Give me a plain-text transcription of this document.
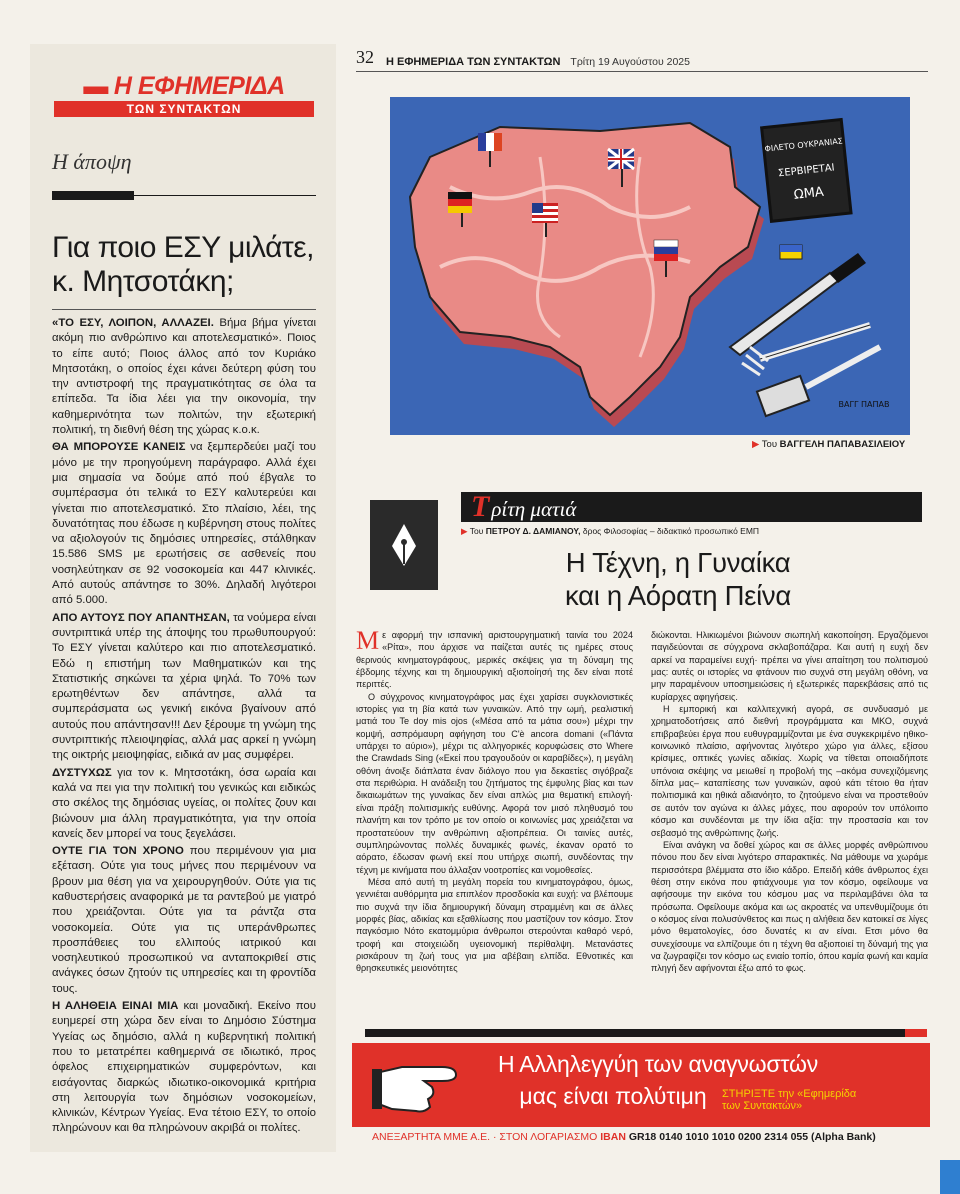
▬ Η ΕΦΗΜΕΡΙΔΑ
ΤΩΝ ΣΥΝΤΑΚΤΩΝ
Η άποψη
Για ποιο ΕΣΥ μιλάτε,
κ. Μητσοτάκη;

«ΤΟ ΕΣΥ, ΛΟΙΠΟΝ, ΑΛΛΑΖΕΙ. Βήμα βήμα γίνεται ακόμη πιο ανθρώπινο και αποτελεσματικό». Ποιος το είπε αυτό; Ποιος άλλος από τον Κυριάκο Μητσοτάκη, ο οποίος έχει κάνει δεύτερη φύση του την αντιστροφή της πραγματικότητας σε όλα τα επίπεδα. Τα ίδια λέει για την οικονομία, την καθημερινότητα των πολιτών, την εξωτερική πολιτική, τη διεθνή θέση της χώρας κ.ο.κ.

ΘΑ ΜΠΟΡΟΥΣΕ ΚΑΝΕΙΣ να ξεμπερδεύει μαζί του μόνο με την προηγούμενη παράγραφο. Αλλά έχει μια σημασία να δούμε από πού έβγαλε το συμπέρασμα ότι τελικά το ΕΣΥ καλυτερεύει και γίνεται πιο αποτελεσματικό. Στο πλαίσιο, λέει, της δυνατότητας που έδωσε η κυβέρνηση στους πολίτες να αξιολογούν τις δημόσιες υπηρεσίες, στάλθηκαν 15.586 SMS με ερωτήσεις σε ασθενείς που νοσηλεύτηκαν σε 92 νοσοκομεία και 447 κλινικές. Από αυτούς απάντησε το 30%. Δηλαδή λιγότεροι από 5.000.

ΑΠΟ ΑΥΤΟΥΣ ΠΟΥ ΑΠΑΝΤΗΣΑΝ, τα νούμερα είναι συντριπτικά υπέρ της άποψης του πρωθυπουργού: Το ΕΣΥ γίνεται καλύτερο και πιο αποτελεσματικό. Εδώ η επιστήμη των Μαθηματικών και της Στατιστικής σηκώνει τα χέρια ψηλά. Το 70% των ερωτηθέντων δεν απάντησε, αλλά τα συμπεράσματα ως γενική εικόνα βγαίνουν από αυτούς που απάντησαν!!! Δεν ξέρουμε τη γνώμη της συντριπτικής πλειοψηφίας, αλλά μας αρκεί η γνώμη της οικτρής μειοψηφίας, ειδικά αν μας συμφέρει.

ΔΥΣΤΥΧΩΣ για τον κ. Μητσοτάκη, όσα ωραία και καλά να πει για την πολιτική του γενικώς και ειδικώς στο σκέλος της δημόσιας υγείας, οι πολίτες ζουν και βιώνουν μια άλλη πραγματικότητα, για την οποία κανείς δεν μπορεί να τους ξεγελάσει.

ΟΥΤΕ ΓΙΑ ΤΟΝ ΧΡΟΝΟ που περιμένουν για μια εξέταση. Ούτε για τους μήνες που περιμένουν να βρουν μια θέση για να χειρουργηθούν. Ούτε για τις καθυστερήσεις αναφορικά με τα ραντεβού με γιατρό που χρειάζονται. Ούτε για τα ράντζα στα νοσοκομεία. Ούτε για τις υπεράνθρωπες προσπάθειες του ελλιπούς ιατρικού και νοσηλευτικού προσωπικού να ανταποκριθεί στις ανάγκες όσων ζητούν τις υπηρεσίες και τη φροντίδα τους.

Η ΑΛΗΘΕΙΑ ΕΙΝΑΙ ΜΙΑ και μοναδική. Εκείνο που ευημερεί στη χώρα δεν είναι το Δημόσιο Σύστημα Υγείας ως δημόσιο, αλλά η κυβερνητική πολιτική που το μετατρέπει καθημερινά σε ιδιωτικό, προς όφελος επιχειρηματικών συμφερόντων, και εισάγοντας διαρκώς ιδιωτικο-οικονομικά κριτήρια στη λειτουργία των δημόσιων νοσοκομείων, κλινικών, Κέντρων Υγείας. Ενα τέτοιο ΕΣΥ, το οποίο πληρώνουν και θα πληρώνουν ακριβά οι πολίτες.

32 Η ΕΦΗΜΕΡΙΔΑ ΤΩΝ ΣΥΝΤΑΚΤΩΝ Τρίτη 19 Αυγούστου 2025
ΦΙΛΕΤΟ ΟΥΚΡΑΝΙΑΣ
ΣΕΡΒΙΡΕΤΑΙ
ΩΜΑ
ΒΑΓΓ ΠΑΠΑΒ
▶ Του ΒΑΓΓΕΛΗ ΠΑΠΑΒΑΣΙΛΕΙΟΥ
Τρίτη ματιά
▶ Του ΠΕΤΡΟΥ Δ. ΔΑΜΙΑΝΟΥ, δρος Φιλοσοφίας – διδακτικό προσωπικό ΕΜΠ
Η Τέχνη, η Γυναίκα
και η Αόρατη Πείνα

Με αφορμή την ισπανική αριστουργηματική ταινία του 2024 «Ρίτα», που άρχισε να παίζεται αυτές τις ημέρες στους θερινούς κινηματογράφους, μερικές σκέψεις για τη δύναμη της έβδομης τέχνης και τη δημιουργική αξιοποίησή της δεν είναι ποτέ περιττές.

Ο σύγχρονος κινηματογράφος μας έχει χαρίσει συγκλονιστικές ιστορίες για τη βία κατά των γυναικών. Από την ωμή, ρεαλιστική ματιά του Te doy mis ojos («Μέσα από τα μάτια σου») μέχρι την κομψή, ασπρόμαυρη αφήγηση του C'è ancora domani («Πάντα υπάρχει το αύριο»), μέχρι τις αλληγορικές κορυφώσεις στο Where the Crawdads Sing («Εκεί που τραγουδούν οι καραβίδες»), η μεγάλη οθόνη άνοιξε διάπλατα έναν διάλογο που για δεκαετίες σιγόβραζε στα περιθώρια. Η ανάδειξη του ζητήματος της έμφυλης βίας και των δικαιωμάτων της γυναίκας δεν είναι απλώς μια θεματική επιλογή· είναι πράξη πολιτισμικής ευθύνης. Αφορά τον μισό πληθυσμό του πλανήτη και τον τρόπο με τον οποίο οι κοινωνίες μας χρειάζεται να προστατεύουν την ανθρώπινη αξιοπρέπεια. Οι ταινίες αυτές, συμπληρώνοντας πολλές δυναμικές φωνές, έκαναν ορατό το αόρατο, έδωσαν φωνή εκεί που υπήρχε σιωπή, συνδέοντας την τέχνη με κινήματα που άλλαξαν νοοτροπίες και νομοθεσίες.

Μέσα από αυτή τη μεγάλη πορεία του κινηματογράφου, όμως, γεννιέται αυθόρμητα μια επιπλέον προσδοκία και ευχή: να βλέπουμε πιο συχνά την ίδια δημιουργική δύναμη στραμμένη και σε άλλες μορφές βίας, αδικίας και εξαθλίωσης που μαστίζουν τον κόσμο. Στον παγκόσμιο Νότο εκατομμύρια άνθρωποι στερούνται καθαρό νερό, τροφή και στοιχειώδη υγειονομική περίθαλψη. Μετανάστες ρισκάρουν τη ζωή τους για μια αβέβαιη ελπίδα. Εθνοτικές και θρησκευτικές μειονότητες

διώκονται. Ηλικιωμένοι βιώνουν σιωπηλή κακοποίηση. Εργαζόμενοι παγιδεύονται σε σύγχρονα σκλαβοπάζαρα. Και αυτή η ευχή δεν αρκεί να παραμείνει ευχή· πρέπει να γίνει απαίτηση του πολιτισμού μας: αυτές οι ιστορίες να φτάνουν πιο συχνά στη μεγάλη οθόνη, να μην παραμένουν υποσημειώσεις ή εξωτερικές παρεκβάσεις από τις κυρίαρχες αφηγήσεις.

Η εμπορική και καλλιτεχνική αγορά, σε συνδυασμό με χρηματοδοτήσεις από διεθνή προγράμματα και ΜΚΟ, συχνά επιβραβεύει έργα που ευθυγραμμίζονται με ένα συγκεκριμένο ηθικο-κοινωνικό πλαίσιο, αφήνοντας λιγότερο χώρο για άλλες, εξίσου κρίσιμες, οπτικές γωνίες αδικίας. Χωρίς να τίθεται οποιαδήποτε υπόνοια σκέψης να μειωθεί η προβολή της –ακόμα συνεχιζόμενης δίπλα μας– καταπίεσης των γυναικών, αφού κάτι τέτοιο θα ήταν πολιτισμικά και ηθικά αδιανόητο, το ζητούμενο είναι να προστεθούν σε αυτόν τον αγώνα κι άλλες μάχες, που αφορούν τον υπόλοιπο κόσμο και συνδέονται με την ίδια αξία: την προστασία και τον σεβασμό της ανθρώπινης ζωής.

Είναι ανάγκη να δοθεί χώρος και σε άλλες μορφές ανθρώπινου πόνου που δεν είναι λιγότερο σπαρακτικές. Να μάθουμε να χωράμε περισσότερα βλέμματα στο ίδιο κάδρο. Επειδή κάθε άνθρωπος έχει θέση στην εικόνα που φτιάχνουμε για τον κόσμο, οφείλουμε να αφήσουμε την εικόνα του κόσμου μας να περιλαμβάνει όλα τα πρόσωπα. Οφείλουμε ακόμα και ως ακροατές να υπενθυμίζουμε ότι ο κόσμος είναι πολυσύνθετος και πως η αλήθεια δεν κατοικεί σε λίγες μόνο θεματολογίες, όσο δυνατές κι αν είναι. Ετσι μόνο θα συνεχίσουμε να ελπίζουμε ότι η τέχνη θα αξιοποιεί τη δύναμή της για να ζωγραφίζει τον κόσμο ως ενιαίο τοπίο, όπου καμία φωνή και καμία πληγή δεν αφήνονται έξω από το φως.

Η Αλληλεγγύη των αναγνωστών
μας είναι πολύτιμη	ΣΤΗΡΙΞΤΕ την «Εφημερίδα των Συντακτών»
ΑΝΕΞΑΡΤΗΤΑ ΜΜΕ Α.Ε. · ΣΤΟΝ ΛΟΓΑΡΙΑΣΜΟ IBAN GR18 0140 1010 1010 0200 2314 055 (Alpha Bank)
